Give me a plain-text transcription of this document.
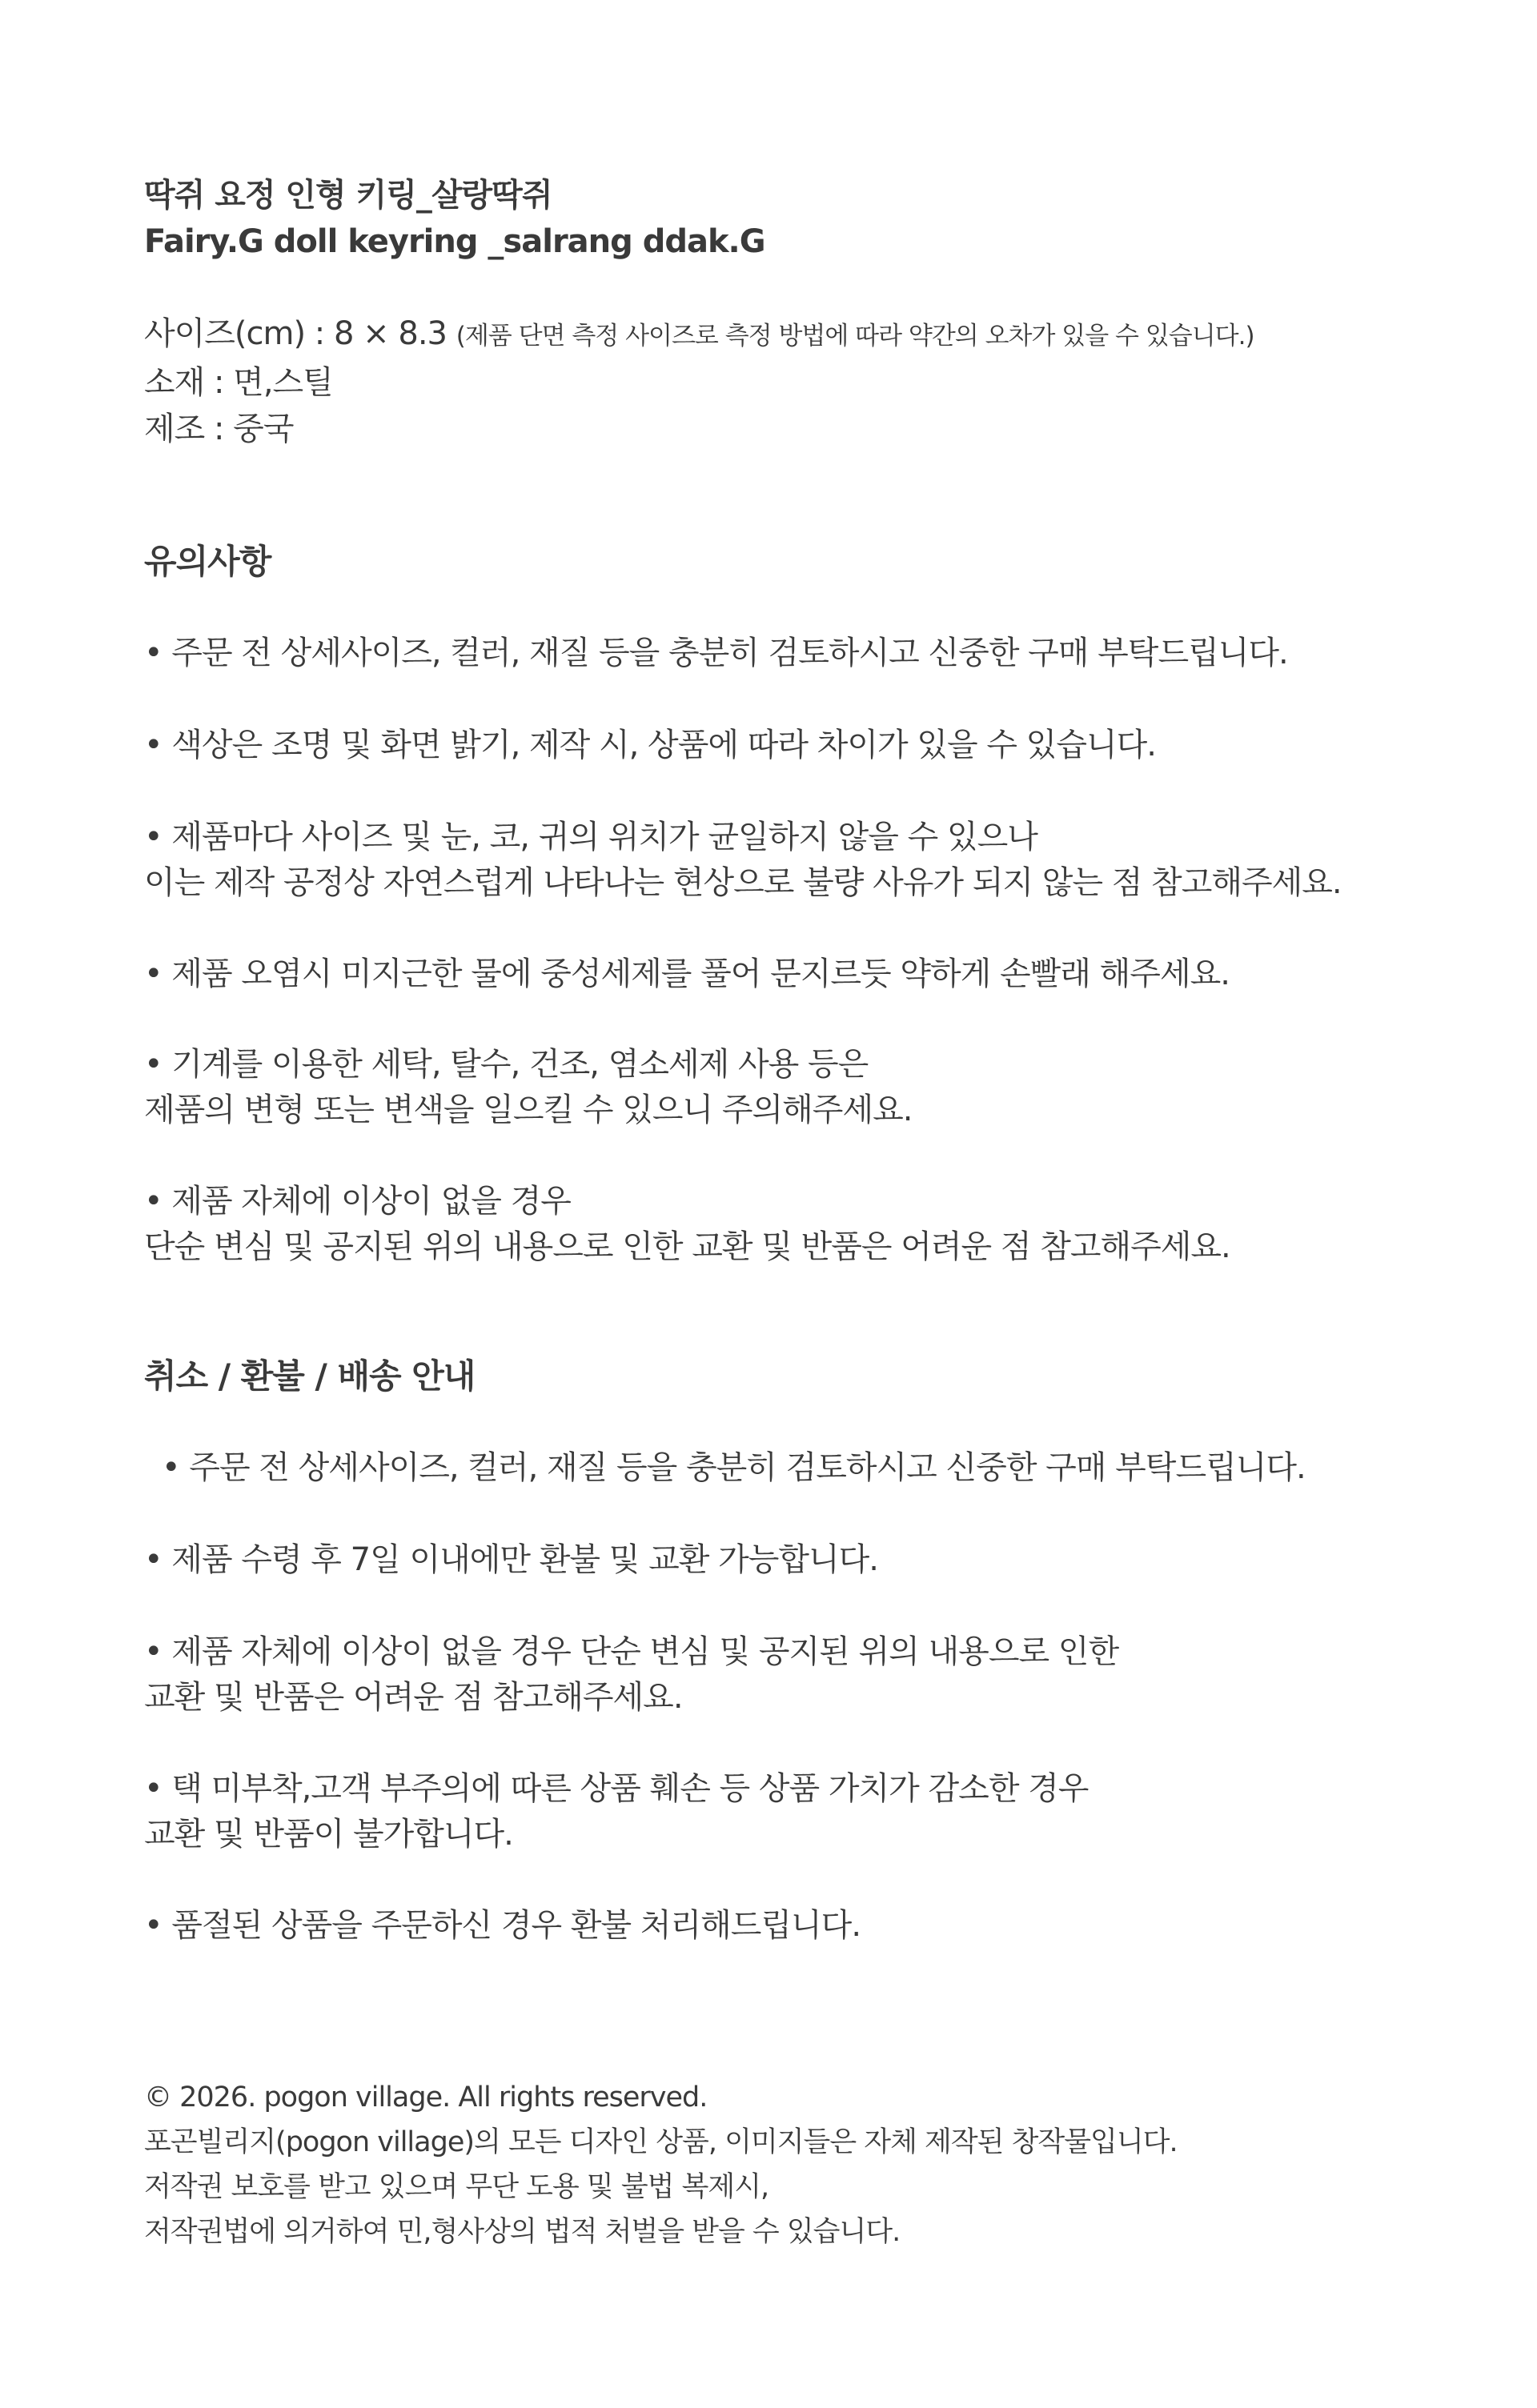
딱쥐 요정 인형 키링_살랑딱쥐
Fairy.G doll keyring _salrang ddak.G
사이즈(cm) : 8 × 8.3 (제품 단면 측정 사이즈로 측정 방법에 따라 약간의 오차가 있을 수 있습니다.)
소재 : 면,스틸
제조 : 중국
유의사항
• 주문 전 상세사이즈, 컬러, 재질 등을 충분히 검토하시고 신중한 구매 부탁드립니다.
• 색상은 조명 및 화면 밝기, 제작 시, 상품에 따라 차이가 있을 수 있습니다.
• 제품마다 사이즈 및 눈, 코, 귀의 위치가 균일하지 않을 수 있으나
이는 제작 공정상 자연스럽게 나타나는 현상으로 불량 사유가 되지 않는 점 참고해주세요.
• 제품 오염시 미지근한 물에 중성세제를 풀어 문지르듯 약하게 손빨래 해주세요.
• 기계를 이용한 세탁, 탈수, 건조, 염소세제 사용 등은
제품의 변형 또는 변색을 일으킬 수 있으니 주의해주세요.
• 제품 자체에 이상이 없을 경우
단순 변심 및 공지된 위의 내용으로 인한 교환 및 반품은 어려운 점 참고해주세요.
취소 / 환불 / 배송 안내
• 주문 전 상세사이즈, 컬러, 재질 등을 충분히 검토하시고 신중한 구매 부탁드립니다.
• 제품 수령 후 7일 이내에만 환불 및 교환 가능합니다.
• 제품 자체에 이상이 없을 경우 단순 변심 및 공지된 위의 내용으로 인한
교환 및 반품은 어려운 점 참고해주세요.
• 택 미부착,고객 부주의에 따른 상품 훼손 등 상품 가치가 감소한 경우
교환 및 반품이 불가합니다.
• 품절된 상품을 주문하신 경우 환불 처리해드립니다.
© 2026. pogon village. All rights reserved.
포곤빌리지(pogon village)의 모든 디자인 상품, 이미지들은 자체 제작된 창작물입니다.
저작권 보호를 받고 있으며 무단 도용 및 불법 복제시,
저작권법에 의거하여 민,형사상의 법적 처벌을 받을 수 있습니다.
